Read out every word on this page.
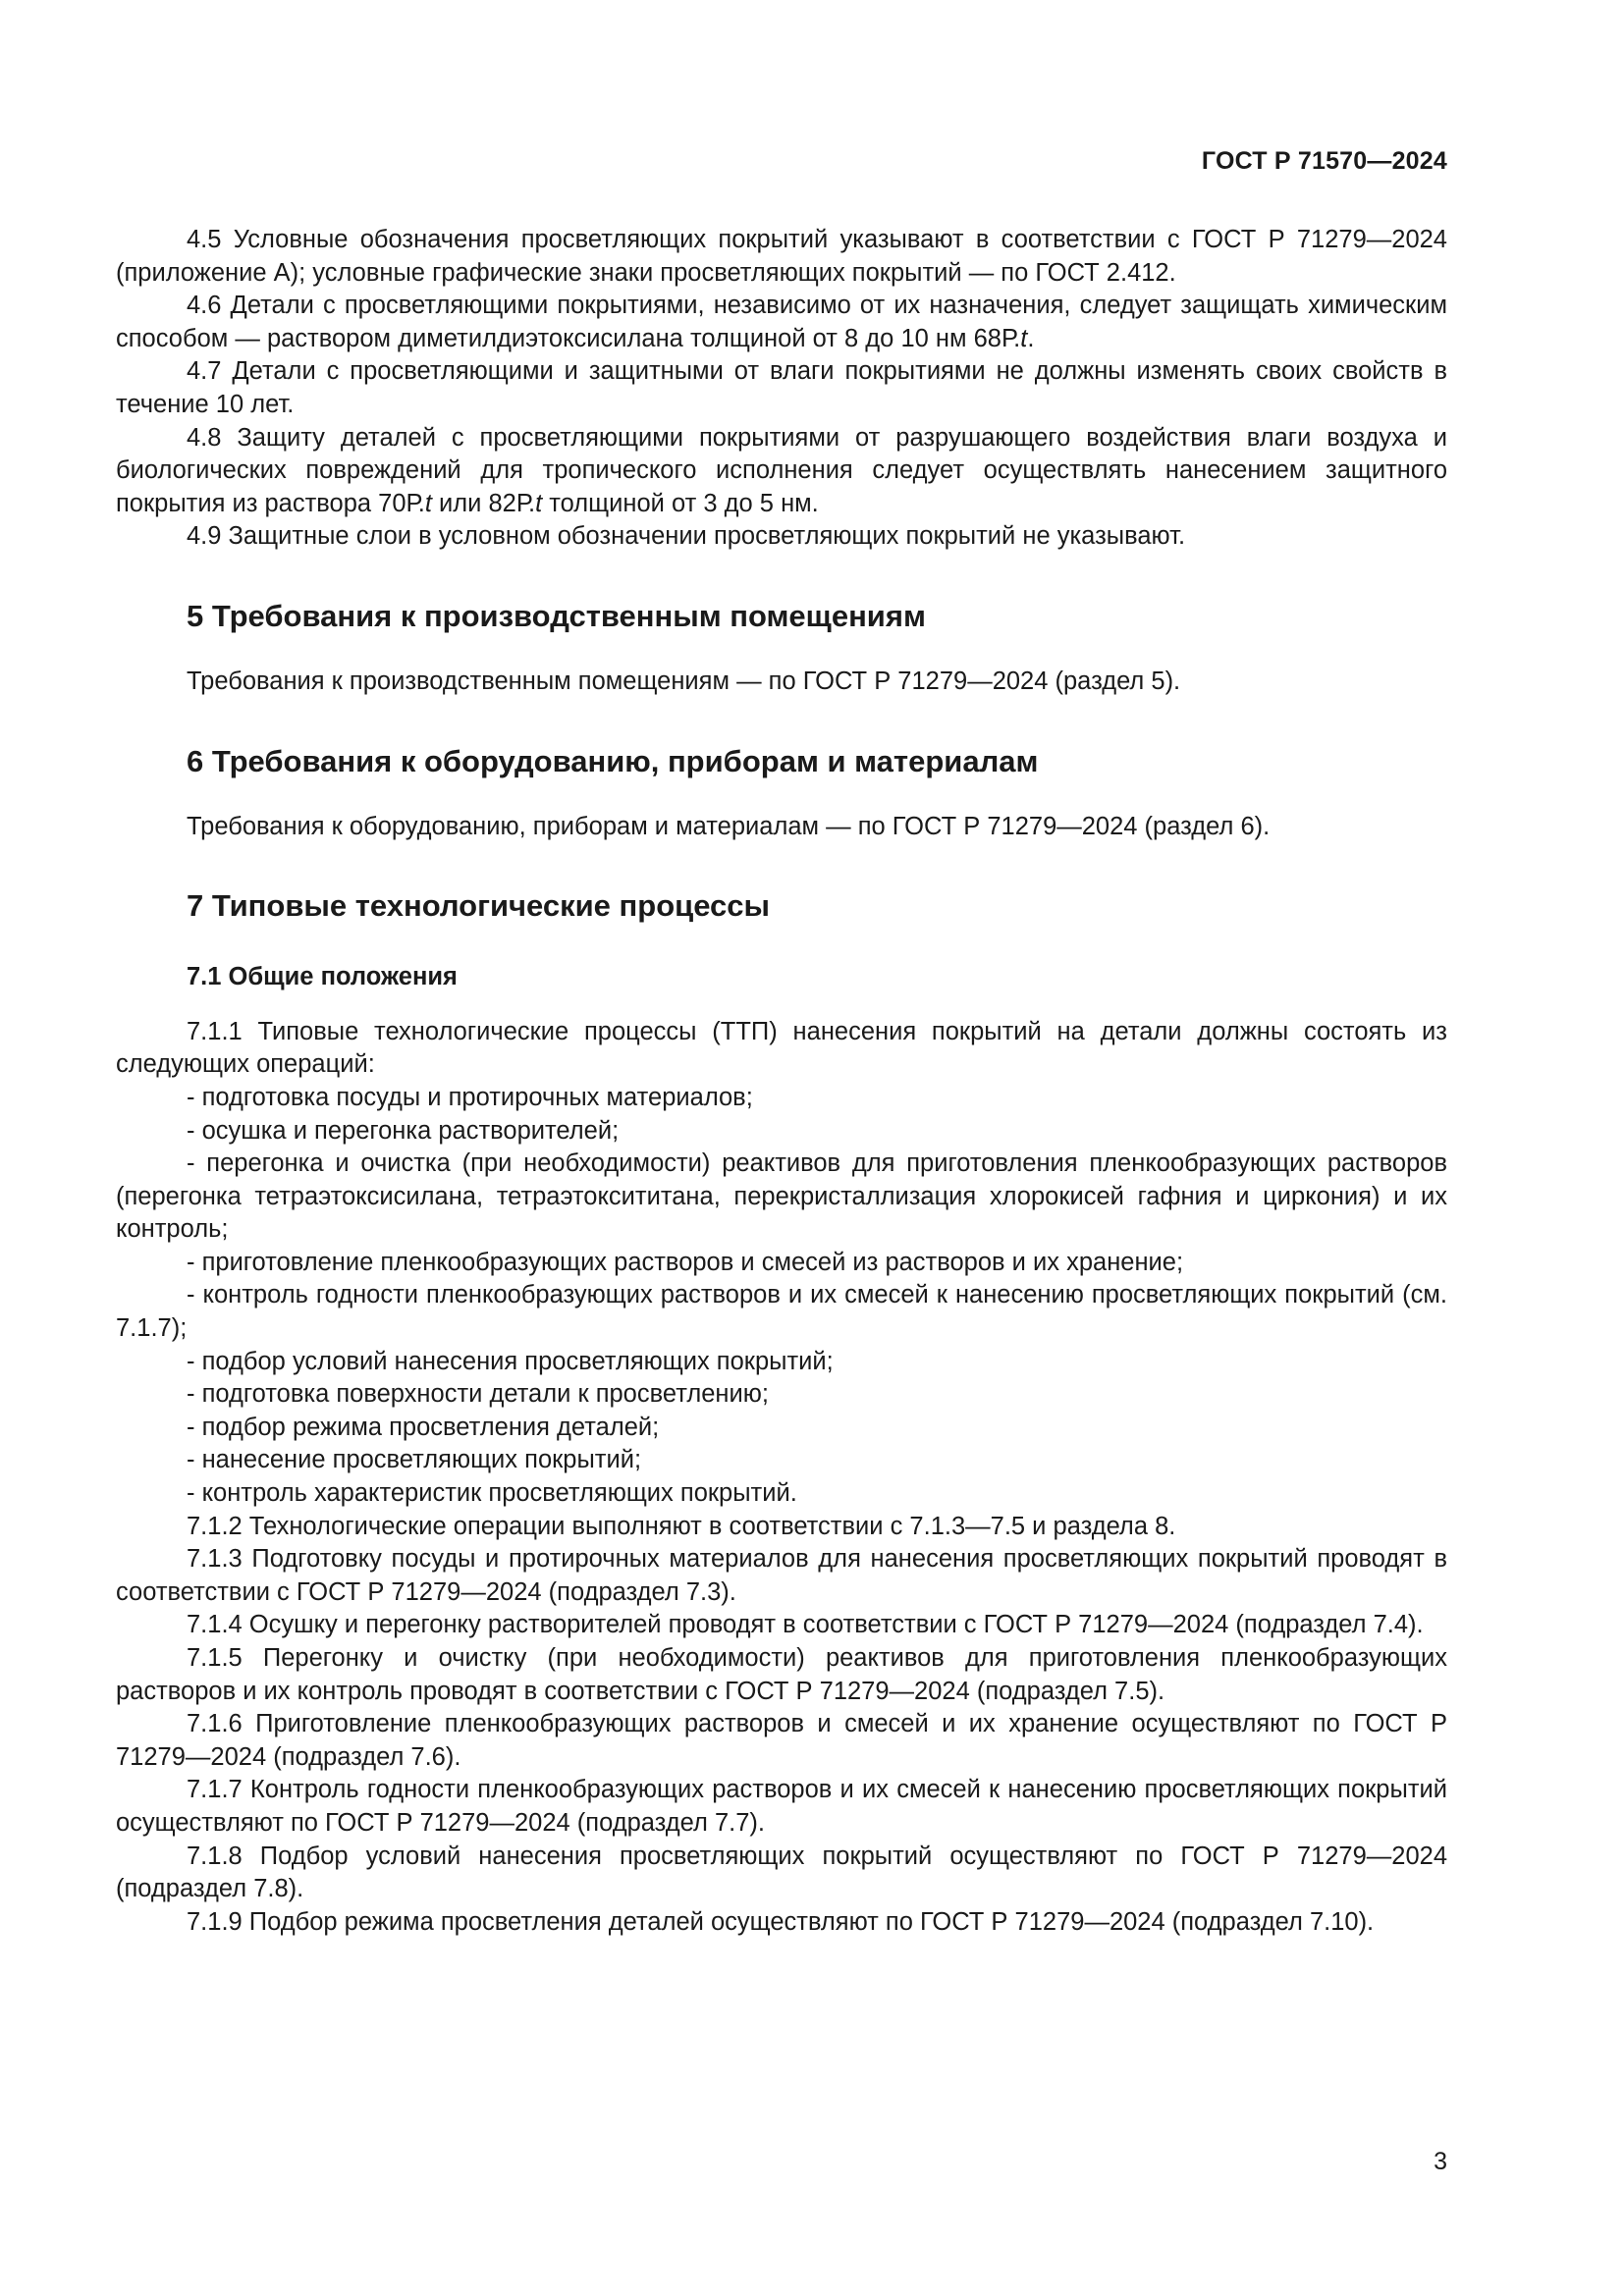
ГОСТ Р 71570—2024

4.5 Условные обозначения просветляющих покрытий указывают в соответствии с ГОСТ Р 71279—2024 (приложение А); условные графические знаки просветляющих покрытий — по ГОСТ 2.412.

4.6 Детали с просветляющими покрытиями, независимо от их назначения, следует защищать химическим способом — раствором диметилдиэтоксисилана толщиной от 8 до 10 нм 68Р.t.

4.7 Детали с просветляющими и защитными от влаги покрытиями не должны изменять своих свойств в течение 10 лет.

4.8 Защиту деталей с просветляющими покрытиями от разрушающего воздействия влаги воздуха и биологических повреждений для тропического исполнения следует осуществлять нанесением защитного покрытия из раствора 70Р.t или 82Р.t толщиной от 3 до 5 нм.

4.9 Защитные слои в условном обозначении просветляющих покрытий не указывают.

5 Требования к производственным помещениям

Требования к производственным помещениям — по ГОСТ Р 71279—2024 (раздел 5).

6 Требования к оборудованию, приборам и материалам

Требования к оборудованию, приборам и материалам — по ГОСТ Р 71279—2024 (раздел 6).

7 Типовые технологические процессы
7.1 Общие положения

7.1.1 Типовые технологические процессы (ТТП) нанесения покрытий на детали должны состоять из следующих операций:

- подготовка посуды и протирочных материалов;
- осушка и перегонка растворителей;
- перегонка и очистка (при необходимости) реактивов для приготовления пленкообразующих растворов (перегонка тетраэтоксисилана, тетраэтоксититана, перекристаллизация хлорокисей гафния и циркония) и их контроль;
- приготовление пленкообразующих растворов и смесей из растворов и их хранение;
- контроль годности пленкообразующих растворов и их смесей к нанесению просветляющих покрытий (см. 7.1.7);
- подбор условий нанесения просветляющих покрытий;
- подготовка поверхности детали к просветлению;
- подбор режима просветления деталей;
- нанесение просветляющих покрытий;
- контроль характеристик просветляющих покрытий.

7.1.2 Технологические операции выполняют в соответствии с 7.1.3—7.5 и раздела 8.

7.1.3 Подготовку посуды и протирочных материалов для нанесения просветляющих покрытий проводят в соответствии с ГОСТ Р 71279—2024 (подраздел 7.3).

7.1.4 Осушку и перегонку растворителей проводят в соответствии с ГОСТ Р 71279—2024 (подраздел 7.4).

7.1.5 Перегонку и очистку (при необходимости) реактивов для приготовления пленкообразующих растворов и их контроль проводят в соответствии с ГОСТ Р 71279—2024 (подраздел 7.5).

7.1.6 Приготовление пленкообразующих растворов и смесей и их хранение осуществляют по ГОСТ Р 71279—2024 (подраздел 7.6).

7.1.7 Контроль годности пленкообразующих растворов и их смесей к нанесению просветляющих покрытий осуществляют по ГОСТ Р 71279—2024 (подраздел 7.7).

7.1.8 Подбор условий нанесения просветляющих покрытий осуществляют по ГОСТ Р 71279—2024 (подраздел 7.8).

7.1.9 Подбор режима просветления деталей осуществляют по ГОСТ Р 71279—2024 (подраздел 7.10).

3
